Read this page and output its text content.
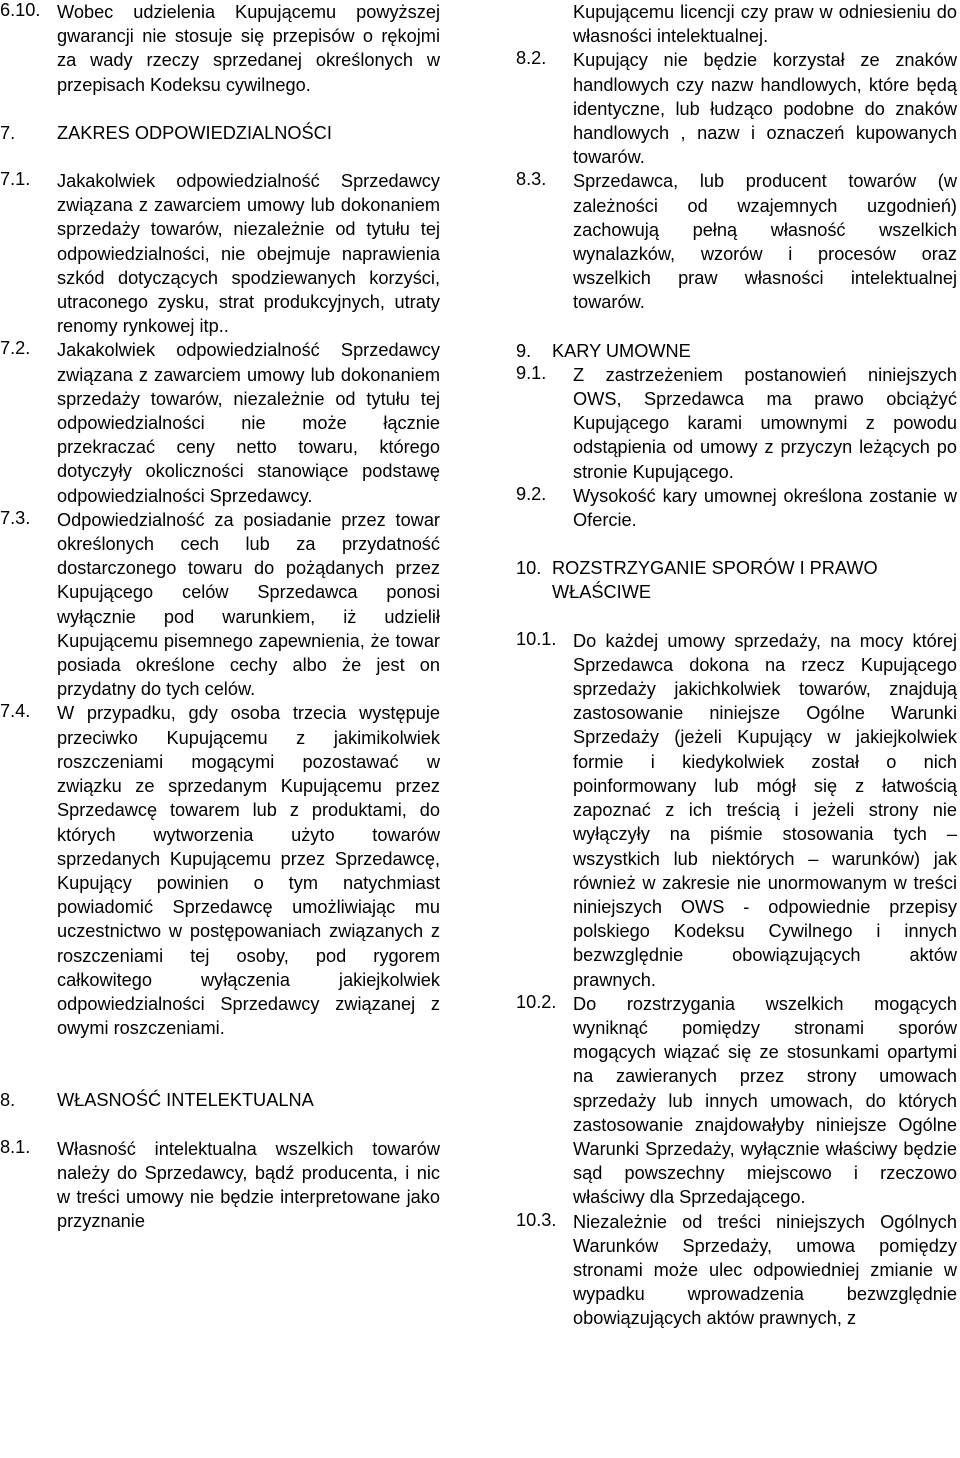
6.10. Wobec udzielenia Kupującemu powyższej gwarancji nie stosuje się przepisów o rękojmi za wady rzeczy sprzedanej określonych w przepisach Kodeksu cywilnego.
7.	ZAKRES ODPOWIEDZIALNOŚCI
7.1.	Jakakolwiek odpowiedzialność Sprzedawcy związana z zawarciem umowy lub dokonaniem sprzedaży towarów, niezależnie od tytułu tej odpowiedzialności, nie obejmuje naprawienia szkód dotyczących spodziewanych korzyści, utraconego zysku, strat produkcyjnych, utraty renomy rynkowej itp..
7.2.	Jakakolwiek odpowiedzialność Sprzedawcy związana z zawarciem umowy lub dokonaniem sprzedaży towarów, niezależnie od tytułu tej odpowiedzialności nie może łącznie przekraczać ceny netto towaru, którego dotyczyły okoliczności stanowiące podstawę odpowiedzialności Sprzedawcy.
7.3.	Odpowiedzialność za posiadanie przez towar określonych cech lub za przydatność dostarczonego towaru do pożądanych przez Kupującego celów Sprzedawca ponosi wyłącznie pod warunkiem, iż udzielił Kupującemu pisemnego zapewnienia, że towar posiada określone cechy albo że jest on przydatny do tych celów.
7.4.	W przypadku, gdy osoba trzecia występuje przeciwko Kupującemu z jakimikolwiek roszczeniami mogącymi pozostawać w związku ze sprzedanym Kupującemu przez Sprzedawcę towarem lub z produktami, do których wytworzenia użyto towarów sprzedanych Kupującemu przez Sprzedawcę, Kupujący powinien o tym natychmiast powiadomić Sprzedawcę umożliwiając mu uczestnictwo w postępowaniach związanych z roszczeniami tej osoby, pod rygorem całkowitego wyłączenia jakiejkolwiek odpowiedzialności Sprzedawcy związanej z owymi roszczeniami.
8.	WŁASNOŚĆ INTELEKTUALNA
8.1.	Własność intelektualna wszelkich towarów należy do Sprzedawcy, bądź producenta, i nic w treści umowy nie będzie interpretowane jako przyznanie
Kupującemu licencji czy praw w odniesieniu do własności intelektualnej.
8.2.	Kupujący nie będzie korzystał ze znaków handlowych czy nazw handlowych, które będą identyczne, lub łudząco podobne do znaków handlowych , nazw i oznaczeń kupowanych towarów.
8.3.	Sprzedawca, lub producent towarów (w zależności od wzajemnych uzgodnień) zachowują pełną własność wszelkich wynalazków, wzorów i procesów oraz wszelkich praw własności intelektualnej towarów.
9.	KARY UMOWNE
9.1.	Z zastrzeżeniem postanowień niniejszych OWS, Sprzedawca ma prawo obciążyć Kupującego karami umownymi z powodu odstąpienia od umowy z przyczyn leżących po stronie Kupującego.
9.2.	Wysokość kary umownej określona zostanie w Ofercie.
10. ROZSTRZYGANIE SPORÓW I PRAWO WŁAŚCIWE
10.1. Do każdej umowy sprzedaży, na mocy której Sprzedawca dokona na rzecz Kupującego sprzedaży jakichkolwiek towarów, znajdują zastosowanie niniejsze Ogólne Warunki Sprzedaży (jeżeli Kupujący w jakiejkolwiek formie i kiedykolwiek został o nich poinformowany lub mógł się z łatwością zapoznać z ich treścią i jeżeli strony nie wyłączyły na piśmie stosowania tych – wszystkich lub niektórych – warunków) jak również w zakresie nie unormowanym w treści niniejszych OWS - odpowiednie przepisy polskiego Kodeksu Cywilnego i innych bezwzględnie obowiązujących aktów prawnych.
10.2. Do rozstrzygania wszelkich mogących wyniknąć pomiędzy stronami sporów mogących wiązać się ze stosunkami opartymi na zawieranych przez strony umowach sprzedaży lub innych umowach, do których zastosowanie znajdowałyby niniejsze Ogólne Warunki Sprzedaży, wyłącznie właściwy będzie sąd powszechny miejscowo i rzeczowo właściwy dla Sprzedającego.
10.3. Niezależnie od treści niniejszych Ogólnych Warunków Sprzedaży, umowa pomiędzy stronami może ulec odpowiedniej zmianie w wypadku wprowadzenia bezwzględnie obowiązujących aktów prawnych, z
